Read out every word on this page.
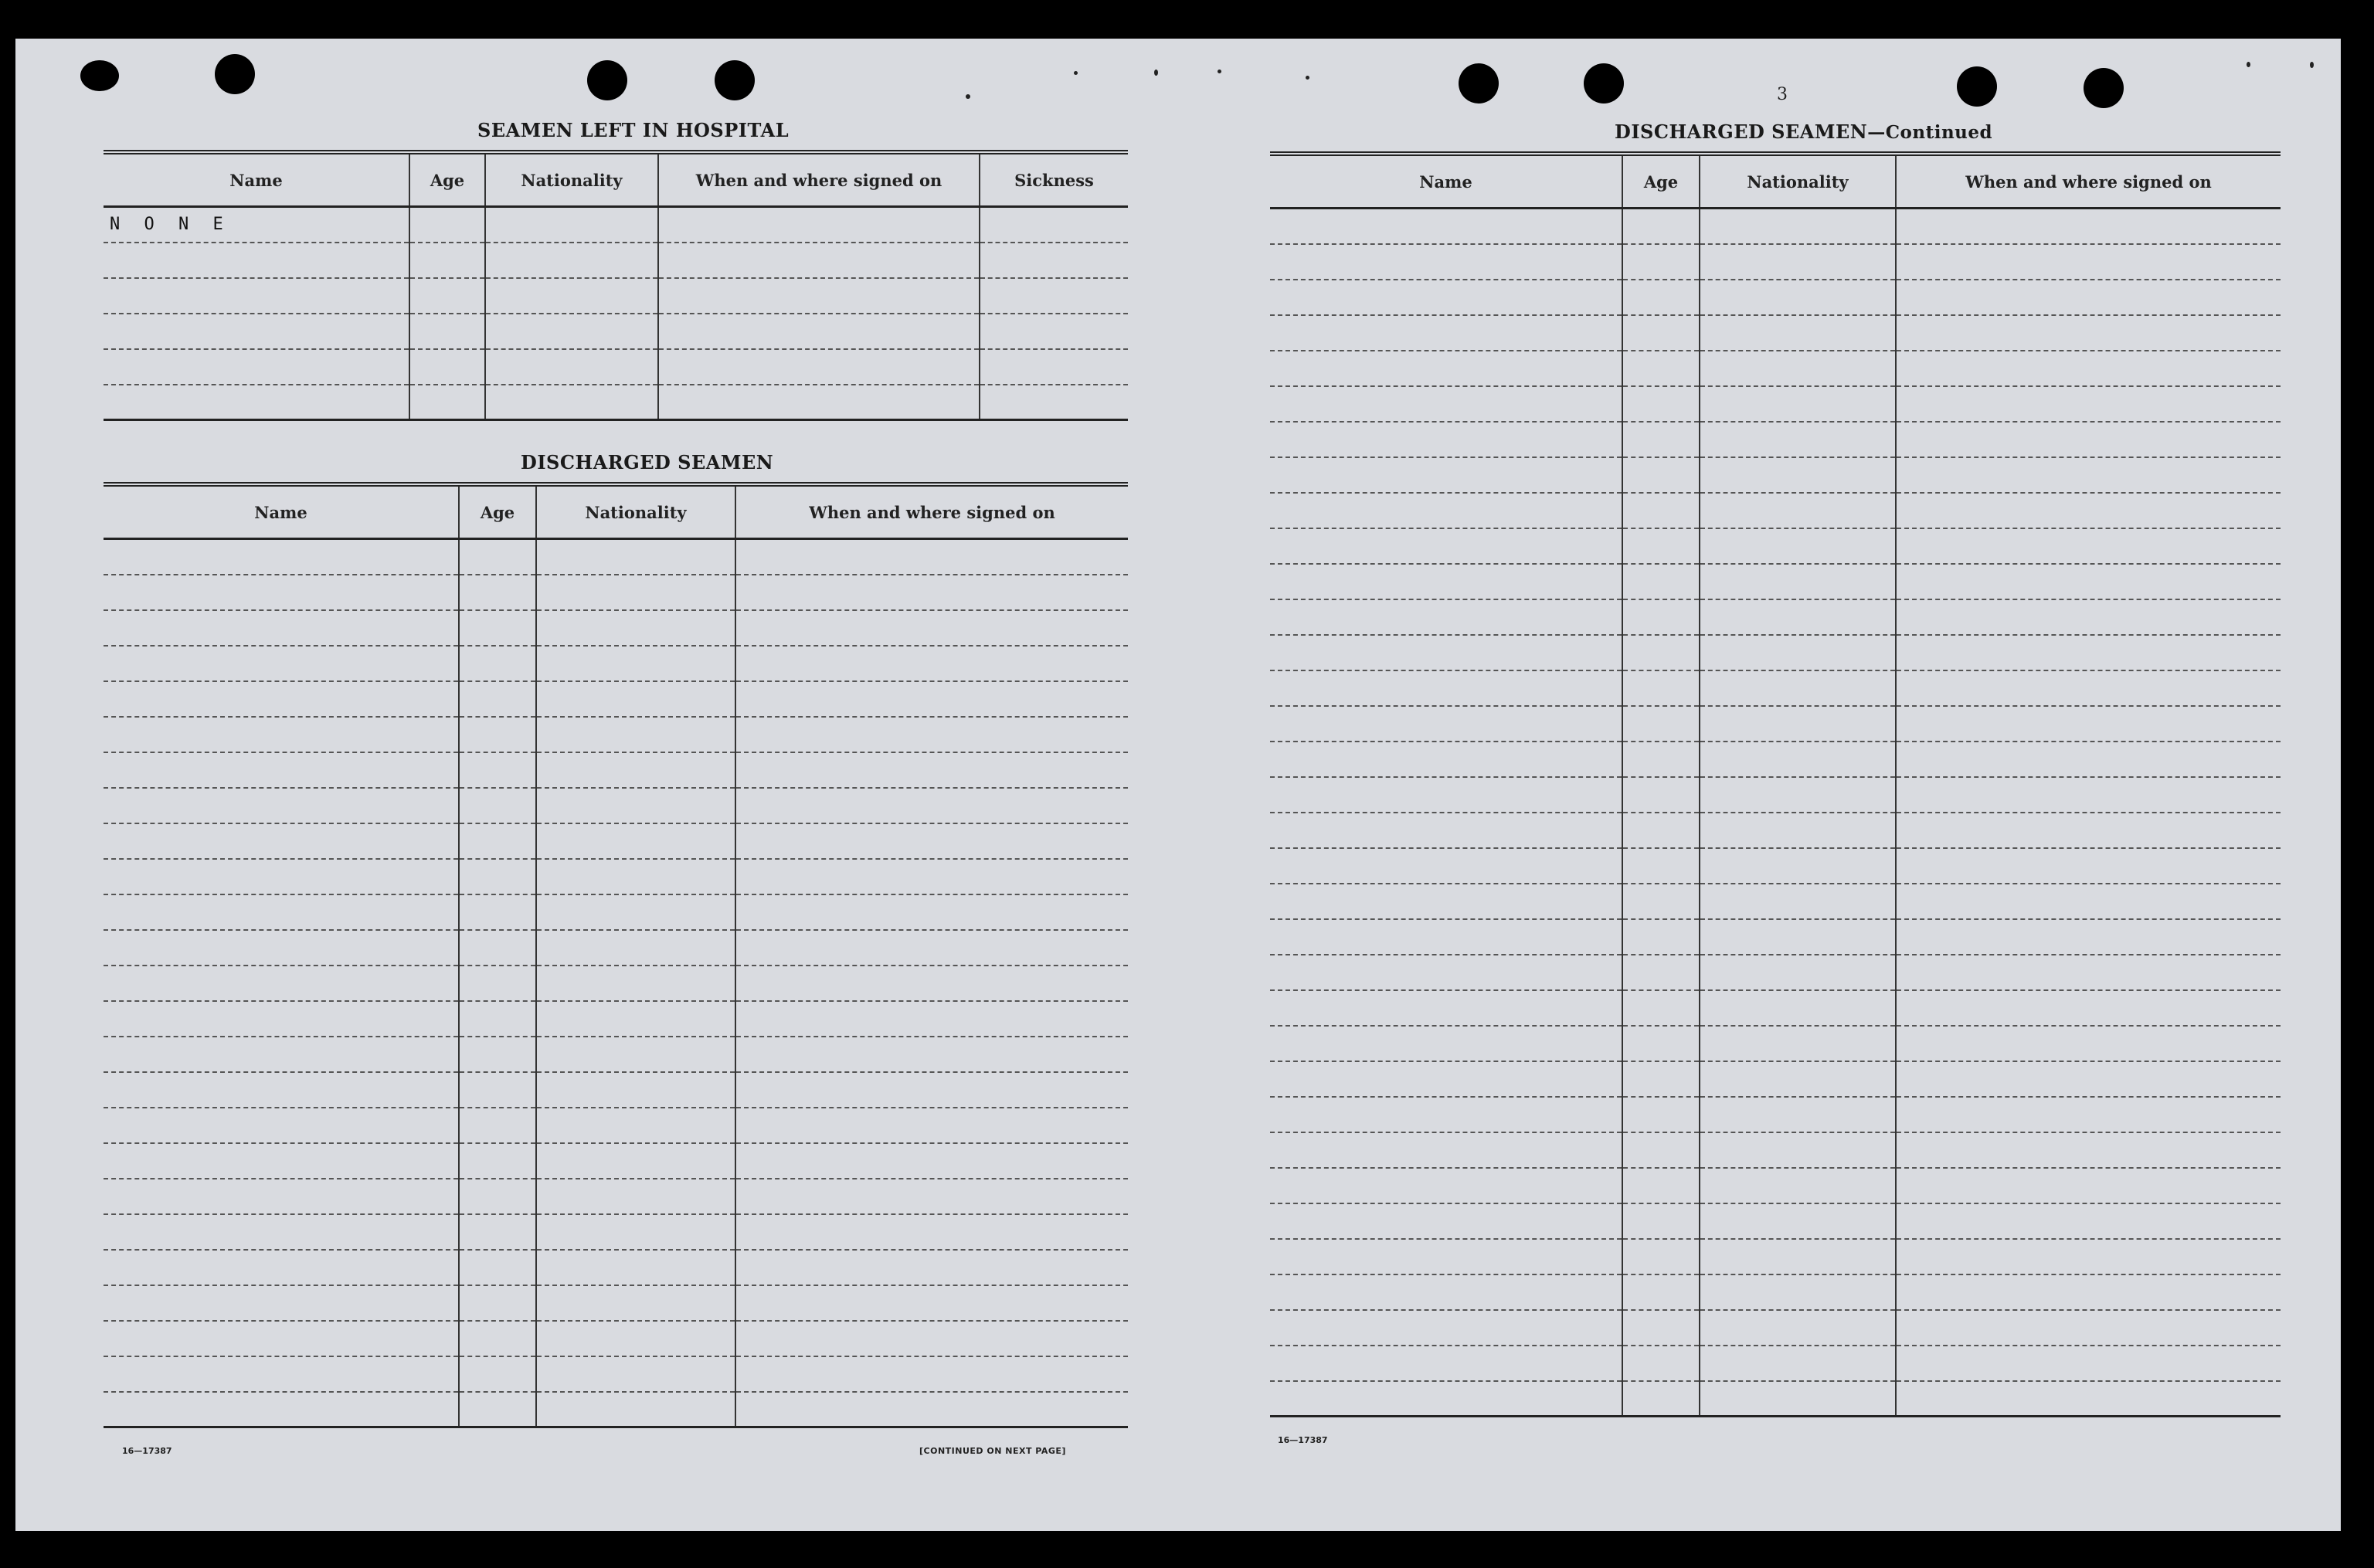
SEAMEN LEFT IN HOSPITAL
Name	Age	Nationality	When and where signed on	Sickness
N O N E				

DISCHARGED SEAMEN
Name	Age	Nationality	When and where signed on

16—17387	[CONTINUED ON NEXT PAGE]
3
DISCHARGED SEAMEN—Continued
Name	Age	Nationality	When and where signed on

16—17387
